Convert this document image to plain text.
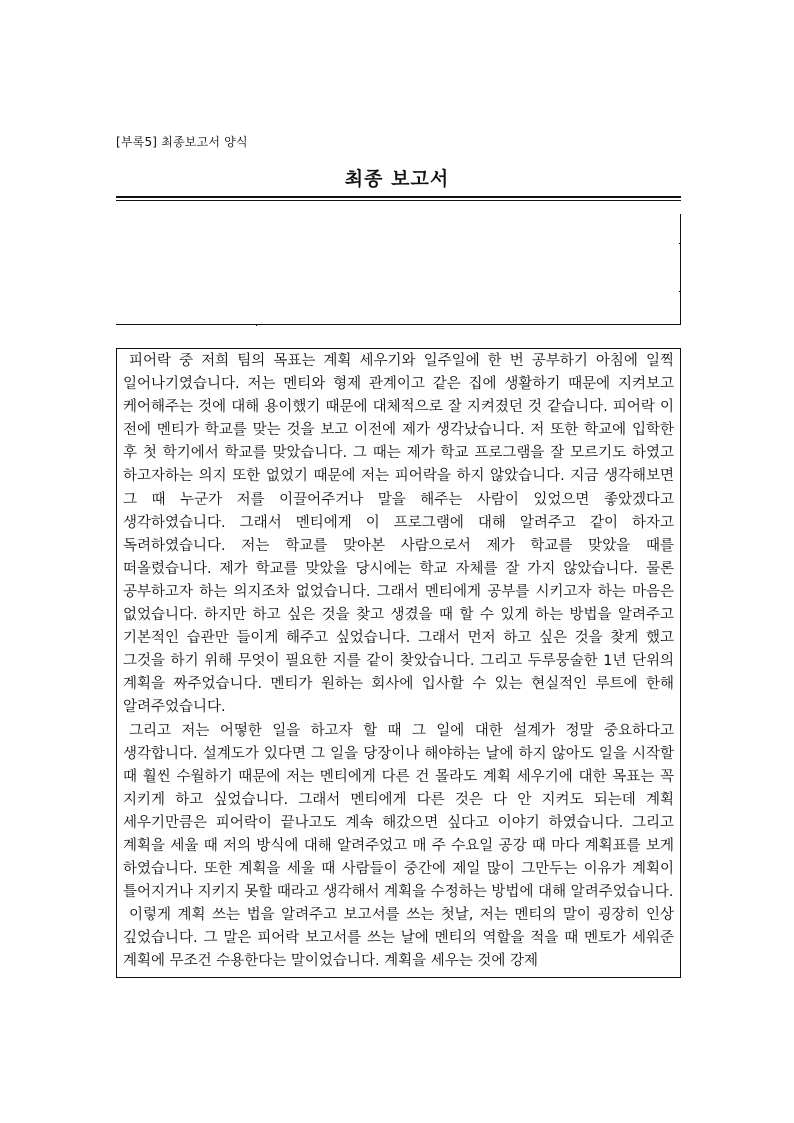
[부록5] 최종보고서 양식
최종 보고서

피어락 중 저희 팀의 목표는 계획 세우기와 일주일에 한 번 공부하기 아침에 일찍 일어나기였습니다. 저는 멘티와 형제 관계이고 같은 집에 생활하기 때문에 지켜보고 케어해주는 것에 대해 용이했기 때문에 대체적으로 잘 지켜졌던 것 같습니다. 피어락 이 전에 멘티가 학교를 맞는 것을 보고 이전에 제가 생각났습니다. 저 또한 학교에 입학한 후 첫 학기에서 학교를 맞았습니다. 그 때는 제가 학교 프로그램을 잘 모르기도 하였고 하고자하는 의지 또한 없었기 때문에 저는 피어락을 하지 않았습니다. 지금 생각해보면 그 때 누군가 저를 이끌어주거나 말을 해주는 사람이 있었으면 좋았겠다고 생각하였습니다. 그래서 멘티에게 이 프로그램에 대해 알려주고 같이 하자고 독려하였습니다. 저는 학교를 맞아본 사람으로서 제가 학교를 맞았을 때를 떠올렸습니다. 제가 학교를 맞았을 당시에는 학교 자체를 잘 가지 않았습니다. 물론 공부하고자 하는 의지조차 없었습니다. 그래서 멘티에게 공부를 시키고자 하는 마음은 없었습니다. 하지만 하고 싶은 것을 찾고 생겼을 때 할 수 있게 하는 방법을 알려주고 기본적인 습관만 들이게 해주고 싶었습니다. 그래서 먼저 하고 싶은 것을 찾게 했고 그것을 하기 위해 무엇이 필요한 지를 같이 찾았습니다. 그리고 두루뭉술한 1년 단위의 계획을 짜주었습니다. 멘티가 원하는 회사에 입사할 수 있는 현실적인 루트에 한해 알려주었습니다.

그리고 저는 어떻한 일을 하고자 할 때 그 일에 대한 설계가 정말 중요하다고 생각합니다. 설계도가 있다면 그 일을 당장이나 해야하는 날에 하지 않아도 일을 시작할 때 훨씬 수월하기 때문에 저는 멘티에게 다른 건 몰라도 계획 세우기에 대한 목표는 꼭 지키게 하고 싶었습니다. 그래서 멘티에게 다른 것은 다 안 지켜도 되는데 계획 세우기만큼은 피어락이 끝나고도 계속 해갔으면 싶다고 이야기 하였습니다. 그리고 계획을 세울 때 저의 방식에 대해 알려주었고 매 주 수요일 공강 때 마다 계획표를 보게 하였습니다. 또한 계획을 세울 때 사람들이 중간에 제일 많이 그만두는 이유가 계획이 틀어지거나 지키지 못할 때라고 생각해서 계획을 수정하는 방법에 대해 알려주었습니다.

이렇게 계획 쓰는 법을 알려주고 보고서를 쓰는 첫날, 저는 멘티의 말이 굉장히 인상 깊었습니다. 그 말은 피어락 보고서를 쓰는 날에 멘티의 역할을 적을 때 멘토가 세워준 계획에 무조건 수용한다는 말이었습니다. 계획을 세우는 것에 강제
